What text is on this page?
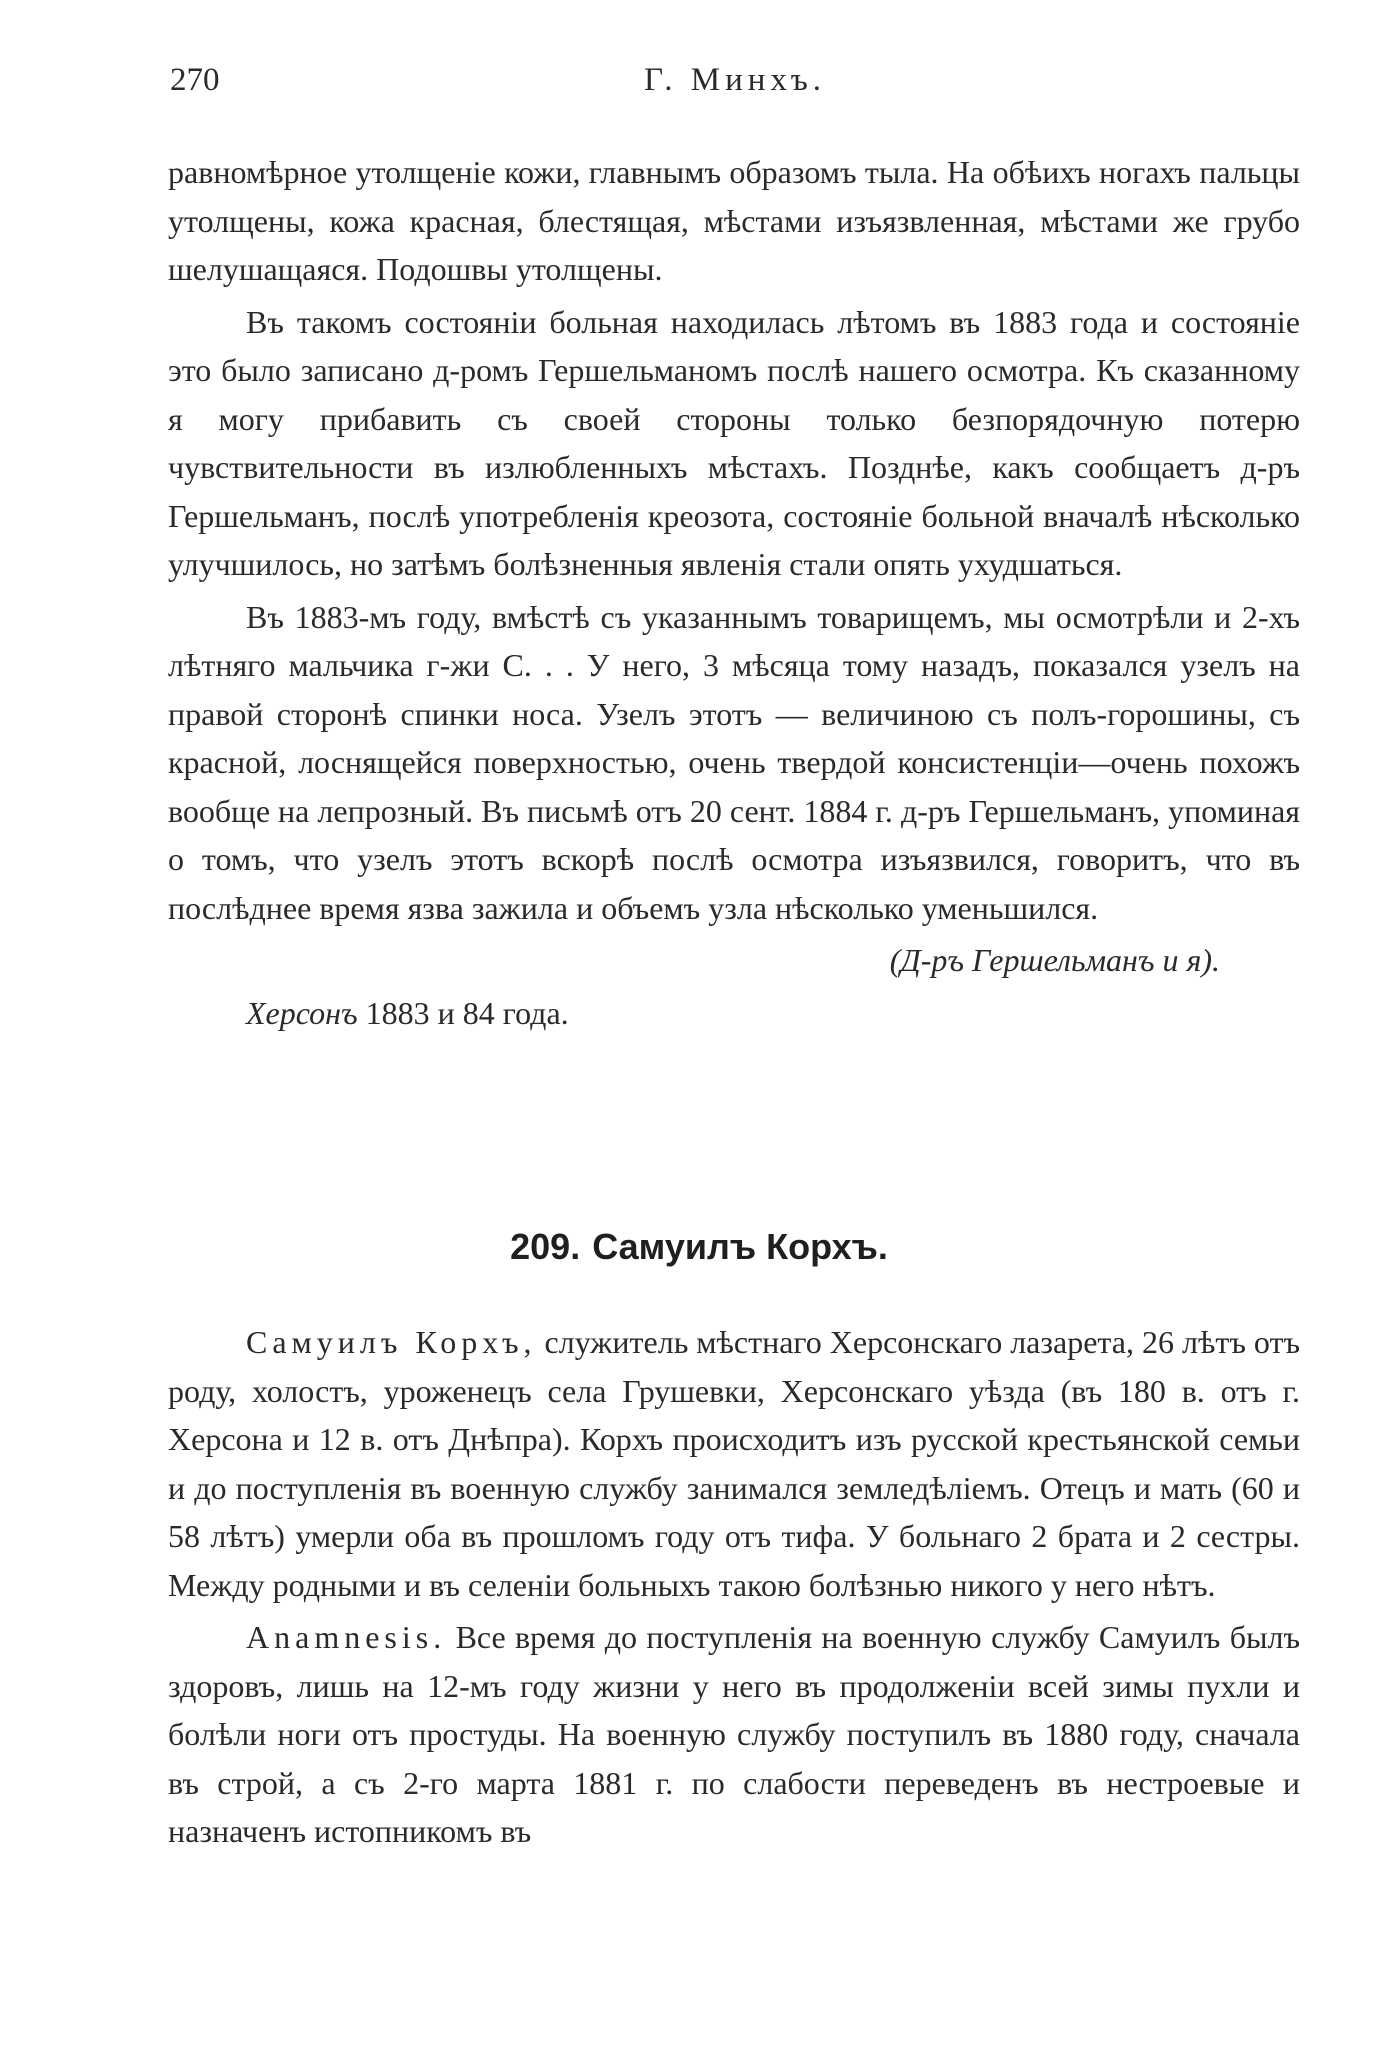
270	Г. Минхъ.

равномѣрное утолщеніе кожи, главнымъ образомъ тыла. На обѣихъ ногахъ пальцы утолщены, кожа красная, блестящая, мѣстами изъязвленная, мѣстами же грубо шелушащаяся. Подошвы утолщены.

Въ такомъ состояніи больная находилась лѣтомъ въ 1883 года и состояніе это было записано д-ромъ Гершельманомъ послѣ нашего осмотра. Къ сказанному я могу прибавить съ своей стороны только безпорядочную потерю чувствительности въ излюбленныхъ мѣстахъ. Позднѣе, какъ сообщаетъ д-ръ Гершельманъ, послѣ употребленія креозота, состояніе больной вначалѣ нѣсколько улучшилось, но затѣмъ болѣзненныя явленія стали опять ухудшаться.

Въ 1883-мъ году, вмѣстѣ съ указаннымъ товарищемъ, мы осмотрѣли и 2-хъ лѣтняго мальчика г-жи С. . . У него, 3 мѣсяца тому назадъ, показался узелъ на правой сторонѣ спинки носа. Узелъ этотъ — величиною съ полъ-горошины, съ красной, лоснящейся поверхностью, очень твердой консистенціи—очень похожъ вообще на лепрозный. Въ письмѣ отъ 20 сент. 1884 г. д-ръ Гершельманъ, упоминая о томъ, что узелъ этотъ вскорѣ послѣ осмотра изъязвился, говоритъ, что въ послѣднее время язва зажила и объемъ узла нѣсколько уменьшился.

(Д-ръ Гершельманъ и я).

Херсонъ 1883 и 84 года.

209. Самуилъ Корхъ.

Самуилъ Корхъ, служитель мѣстнаго Херсонскаго лазарета, 26 лѣтъ отъ роду, холостъ, уроженецъ села Грушевки, Херсонскаго уѣзда (въ 180 в. отъ г. Херсона и 12 в. отъ Днѣпра). Корхъ происходитъ изъ русской крестьянской семьи и до поступленія въ военную службу занимался земледѣліемъ. Отецъ и мать (60 и 58 лѣтъ) умерли оба въ прошломъ году отъ тифа. У больнаго 2 брата и 2 сестры. Между родными и въ селеніи больныхъ такою болѣзнью никого у него нѣтъ.

Anamnesis. Все время до поступленія на военную службу Самуилъ былъ здоровъ, лишь на 12-мъ году жизни у него въ продолженіи всей зимы пухли и болѣли ноги отъ простуды. На военную службу поступилъ въ 1880 году, сначала въ строй, а съ 2-го марта 1881 г. по слабости переведенъ въ нестроевые и назначенъ истопникомъ въ
